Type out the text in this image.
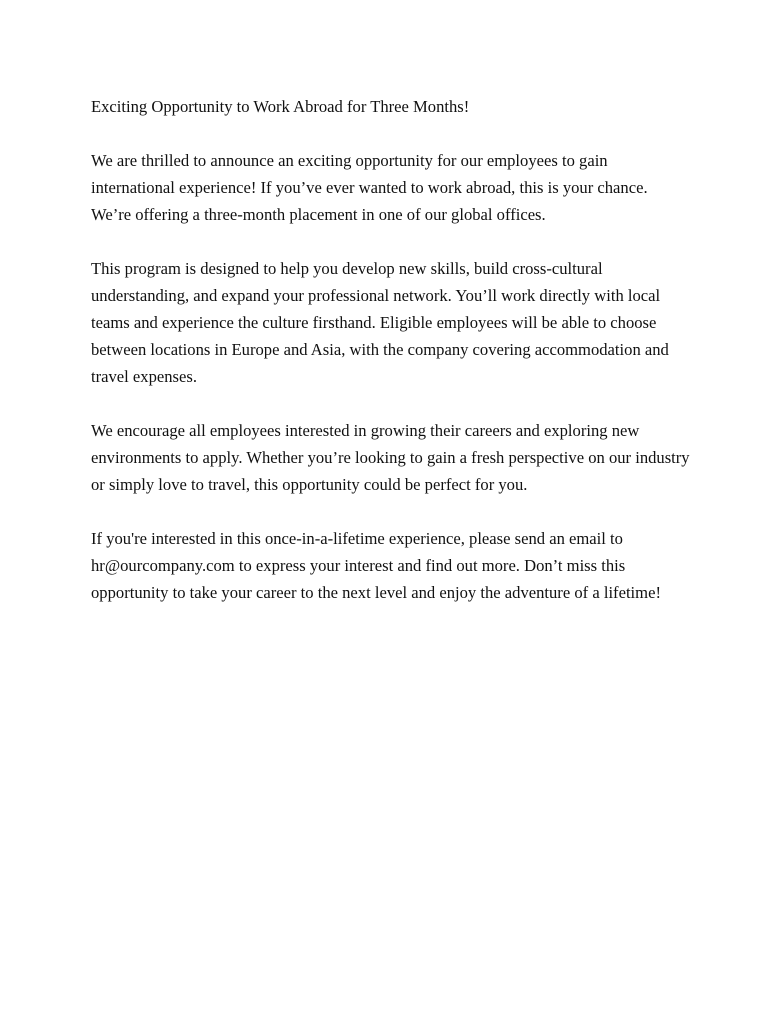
Exciting Opportunity to Work Abroad for Three Months!

We are thrilled to announce an exciting opportunity for our employees to gain international experience! If you’ve ever wanted to work abroad, this is your chance. We’re offering a three-month placement in one of our global offices.

This program is designed to help you develop new skills, build cross-cultural understanding, and expand your professional network. You’ll work directly with local teams and experience the culture firsthand. Eligible employees will be able to choose between locations in Europe and Asia, with the company covering accommodation and travel expenses.

We encourage all employees interested in growing their careers and exploring new environments to apply. Whether you’re looking to gain a fresh perspective on our industry or simply love to travel, this opportunity could be perfect for you.

If you're interested in this once-in-a-lifetime experience, please send an email to hr@ourcompany.com to express your interest and find out more. Don’t miss this opportunity to take your career to the next level and enjoy the adventure of a lifetime!
